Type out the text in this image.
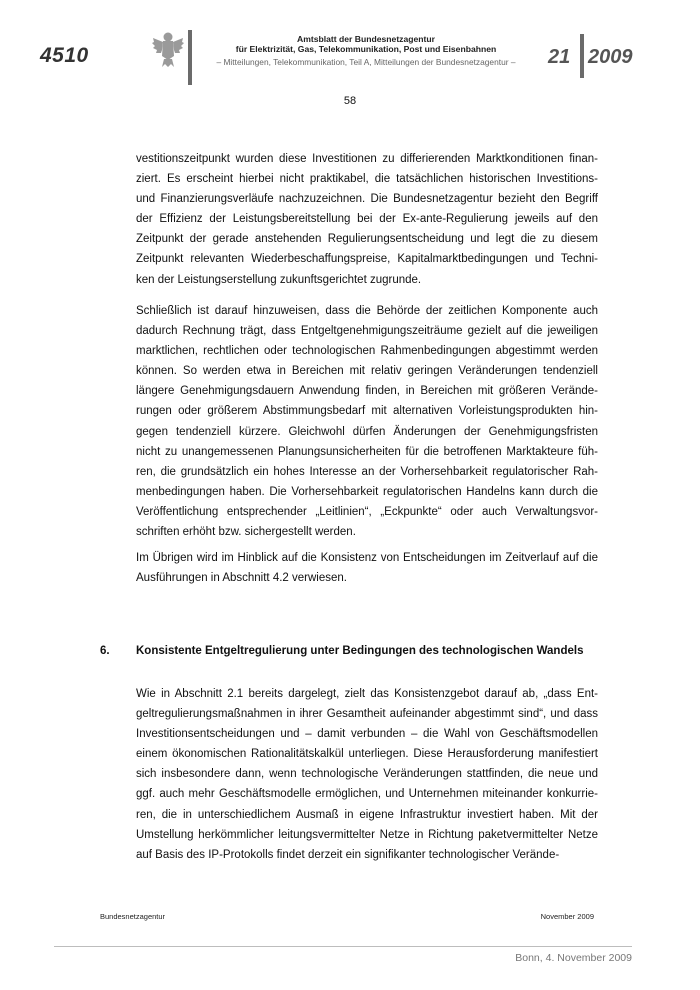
4510
Amtsblatt der Bundesnetzagentur
für Elektrizität, Gas, Telekommunikation, Post und Eisenbahnen
– Mitteilungen, Telekommunikation, Teil A, Mitteilungen der Bundesnetzagentur –	21 2009
58
vestitionszeitpunkt wurden diese Investitionen zu differierenden Marktkonditionen finan-
ziert. Es erscheint hierbei nicht praktikabel, die tatsächlichen historischen Investitions-
und Finanzierungsverläufe nachzuzeichnen. Die Bundesnetzagentur bezieht den Begriff
der Effizienz der Leistungsbereitstellung bei der Ex-ante-Regulierung jeweils auf den
Zeitpunkt der gerade anstehenden Regulierungsentscheidung und legt die zu diesem
Zeitpunkt relevanten Wiederbeschaffungspreise, Kapitalmarktbedingungen und Techni-
ken der Leistungserstellung zukunftsgerichtet zugrunde.
Schließlich ist darauf hinzuweisen, dass die Behörde der zeitlichen Komponente auch
dadurch Rechnung trägt, dass Entgeltgenehmigungszeiträume gezielt auf die jeweiligen
marktlichen, rechtlichen oder technologischen Rahmenbedingungen abgestimmt werden
können. So werden etwa in Bereichen mit relativ geringen Veränderungen tendenziell
längere Genehmigungsdauern Anwendung finden, in Bereichen mit größeren Verände-
rungen oder größerem Abstimmungsbedarf mit alternativen Vorleistungsprodukten hin-
gegen tendenziell kürzere. Gleichwohl dürfen Änderungen der Genehmigungsfristen
nicht zu unangemessenen Planungsunsicherheiten für die betroffenen Marktakteure füh-
ren, die grundsätzlich ein hohes Interesse an der Vorhersehbarkeit regulatorischer Rah-
menbedingungen haben. Die Vorhersehbarkeit regulatorischen Handelns kann durch die
Veröffentlichung entsprechender „Leitlinien“, „Eckpunkte“ oder auch Verwaltungsvor-
schriften erhöht bzw. sichergestellt werden.
Im Übrigen wird im Hinblick auf die Konsistenz von Entscheidungen im Zeitverlauf auf die
Ausführungen in Abschnitt 4.2 verwiesen.
6. Konsistente Entgeltregulierung unter Bedingungen des technologischen Wandels
Wie in Abschnitt 2.1 bereits dargelegt, zielt das Konsistenzgebot darauf ab, „dass Ent-
geltregulierungsmaßnahmen in ihrer Gesamtheit aufeinander abgestimmt sind“, und dass
Investitionsentscheidungen und – damit verbunden – die Wahl von Geschäftsmodellen
einem ökonomischen Rationalitätskalkül unterliegen. Diese Herausforderung manifestiert
sich insbesondere dann, wenn technologische Veränderungen stattfinden, die neue und
ggf. auch mehr Geschäftsmodelle ermöglichen, und Unternehmen miteinander konkurrie-
ren, die in unterschiedlichem Ausmaß in eigene Infrastruktur investiert haben. Mit der
Umstellung herkömmlicher leitungsvermittelter Netze in Richtung paketvermittelter Netze
auf Basis des IP-Protokolls findet derzeit ein signifikanter technologischer Verände-
Bundesnetzagentur	November 2009
Bonn, 4. November 2009
